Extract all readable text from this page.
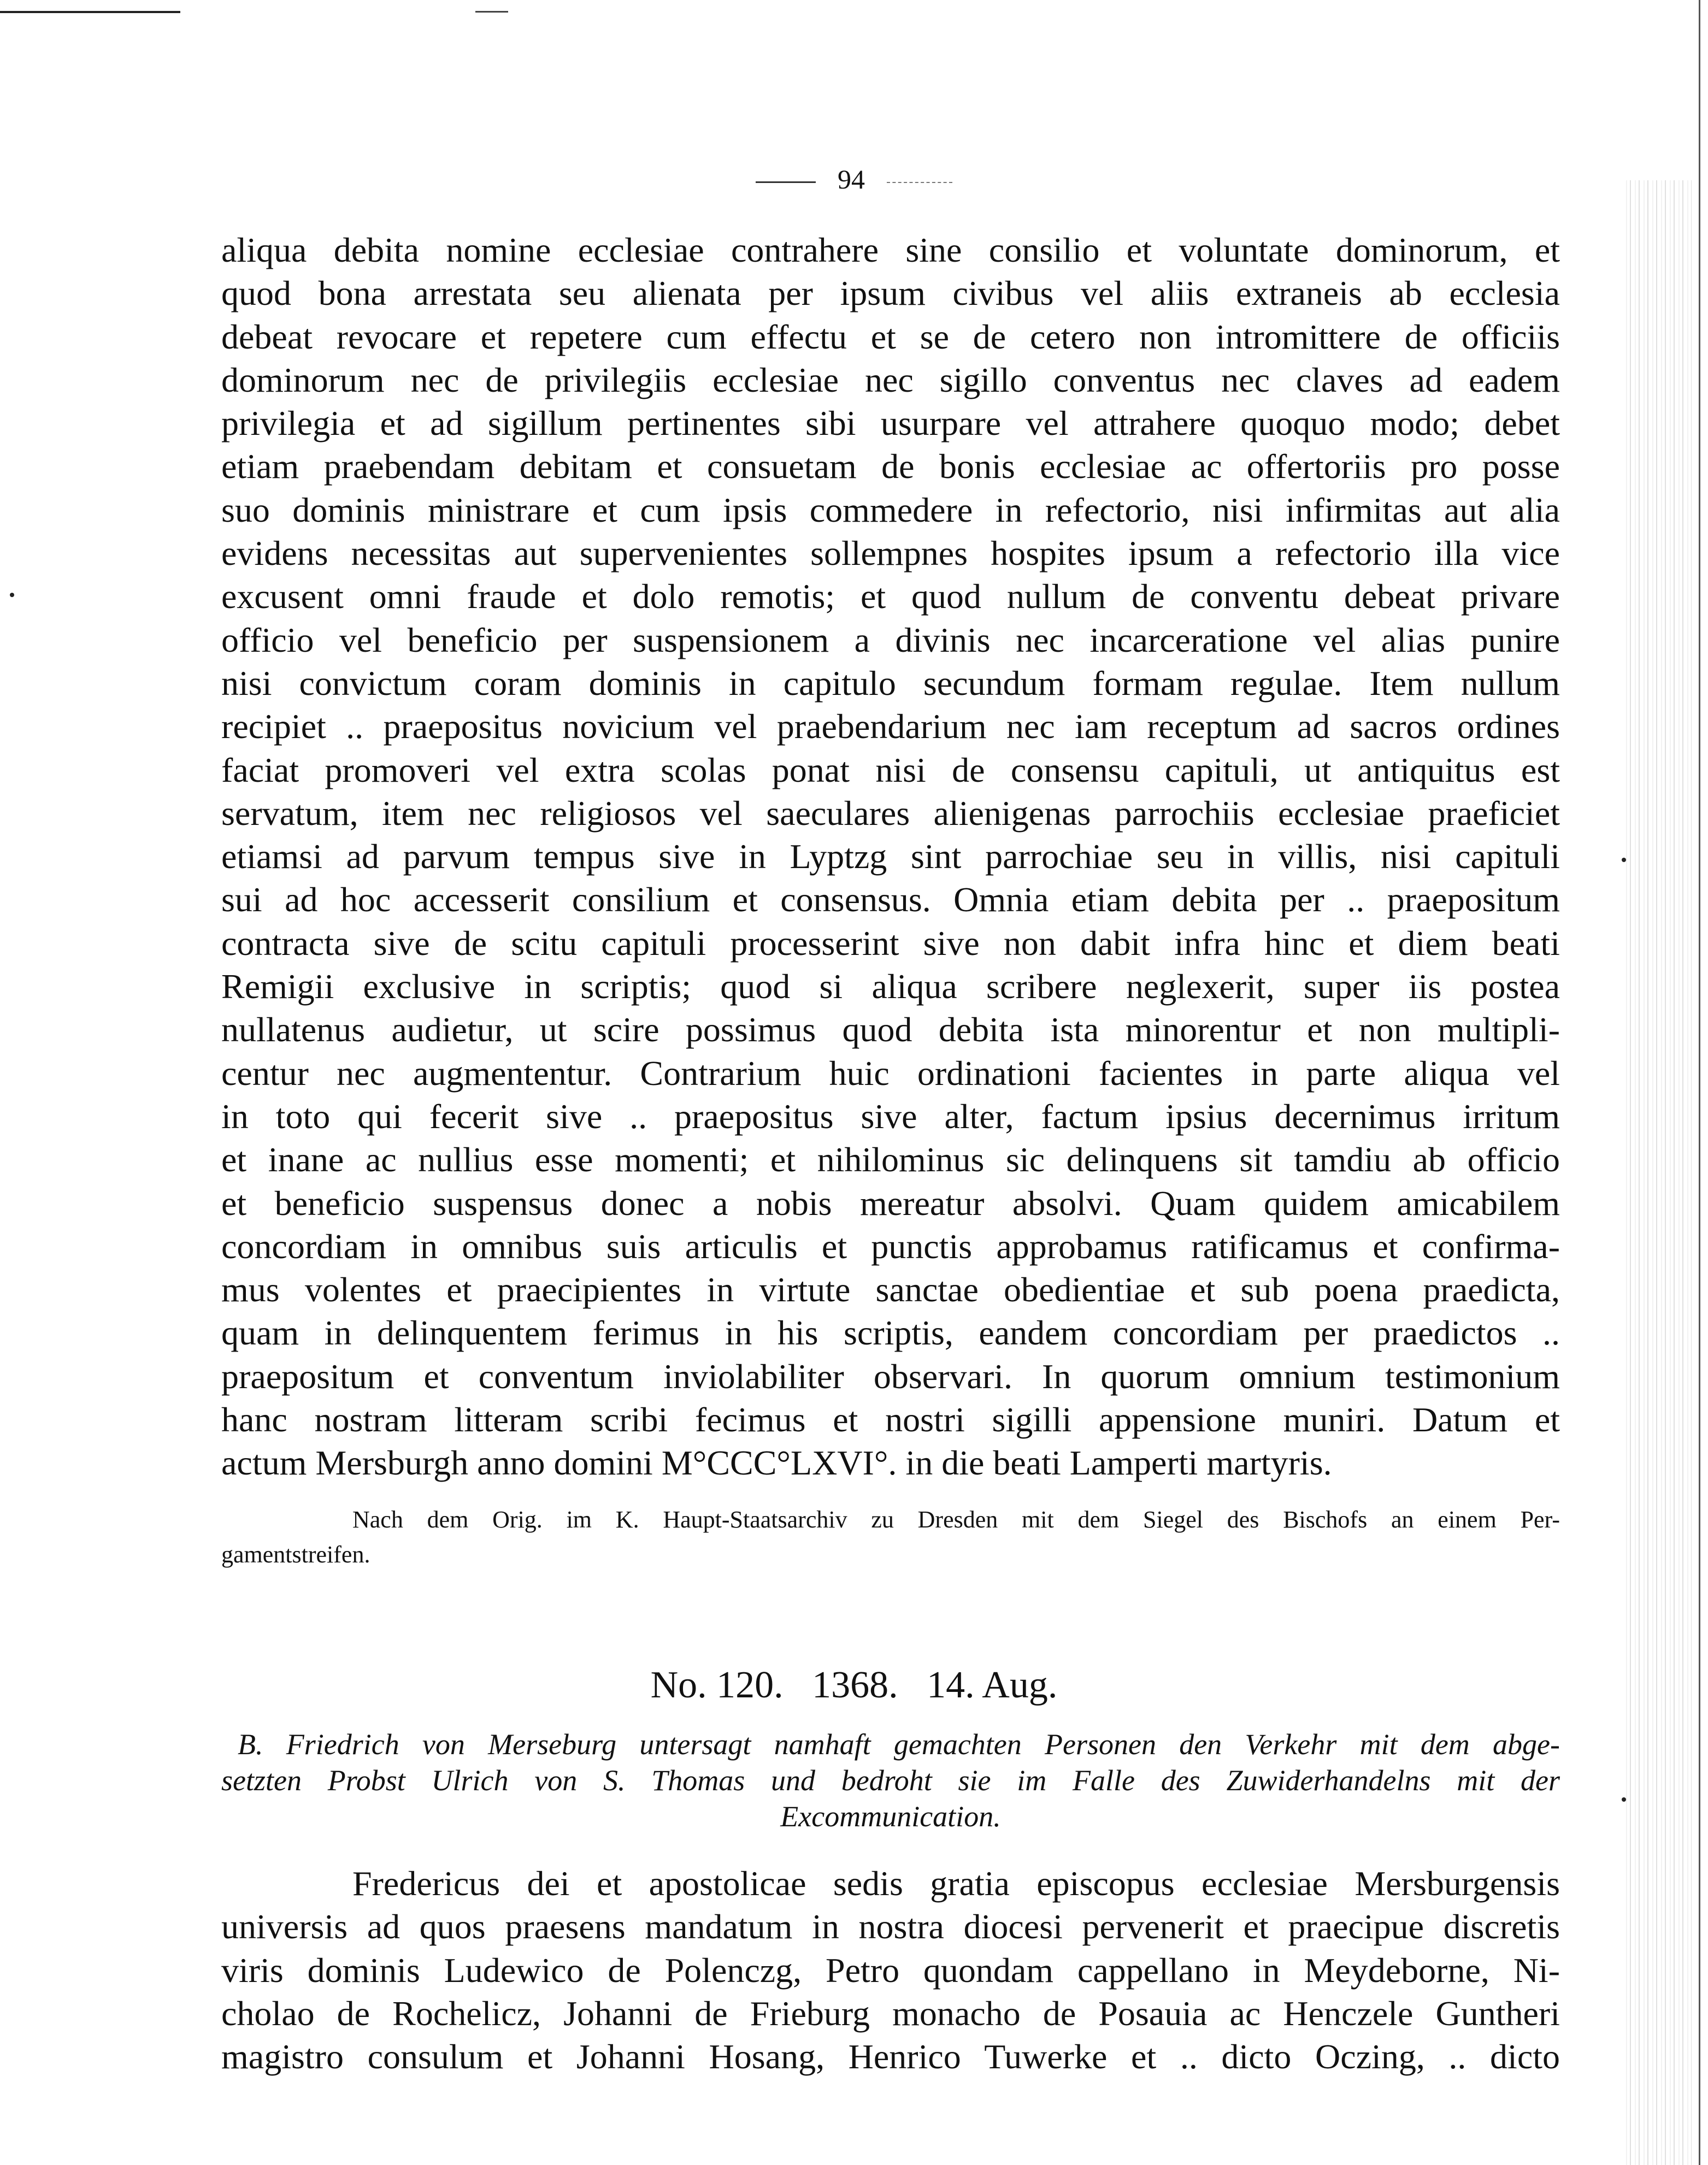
94
aliqua debita nomine ecclesiae contrahere sine consilio et voluntate dominorum, et
quod bona arrestata seu alienata per ipsum civibus vel aliis extraneis ab ecclesia
debeat revocare et repetere cum effectu et se de cetero non intromittere de officiis
dominorum nec de privilegiis ecclesiae nec sigillo conventus nec claves ad eadem
privilegia et ad sigillum pertinentes sibi usurpare vel attrahere quoquo modo; debet
etiam praebendam debitam et consuetam de bonis ecclesiae ac offertoriis pro posse
suo dominis ministrare et cum ipsis commedere in refectorio, nisi infirmitas aut alia
evidens necessitas aut supervenientes sollempnes hospites ipsum a refectorio illa vice
excusent omni fraude et dolo remotis; et quod nullum de conventu debeat privare
officio vel beneficio per suspensionem a divinis nec incarceratione vel alias punire
nisi convictum coram dominis in capitulo secundum formam regulae. Item nullum
recipiet .. praepositus novicium vel praebendarium nec iam receptum ad sacros ordines
faciat promoveri vel extra scolas ponat nisi de consensu capituli, ut antiquitus est
servatum, item nec religiosos vel saeculares alienigenas parrochiis ecclesiae praeficiet
etiamsi ad parvum tempus sive in Lyptzg sint parrochiae seu in villis, nisi capituli
sui ad hoc accesserit consilium et consensus. Omnia etiam debita per .. praepositum
contracta sive de scitu capituli processerint sive non dabit infra hinc et diem beati
Remigii exclusive in scriptis; quod si aliqua scribere neglexerit, super iis postea
nullatenus audietur, ut scire possimus quod debita ista minorentur et non multipli-
centur nec augmententur. Contrarium huic ordinationi facientes in parte aliqua vel
in toto qui fecerit sive .. praepositus sive alter, factum ipsius decernimus irritum
et inane ac nullius esse momenti; et nihilominus sic delinquens sit tamdiu ab officio
et beneficio suspensus donec a nobis mereatur absolvi. Quam quidem amicabilem
concordiam in omnibus suis articulis et punctis approbamus ratificamus et confirma-
mus volentes et praecipientes in virtute sanctae obedientiae et sub poena praedicta,
quam in delinquentem ferimus in his scriptis, eandem concordiam per praedictos ..
praepositum et conventum inviolabiliter observari. In quorum omnium testimonium
hanc nostram litteram scribi fecimus et nostri sigilli appensione muniri. Datum et
actum Mersburgh anno domini M°CCC°LXVI°. in die beati Lamperti martyris.
Nach dem Orig. im K. Haupt-Staatsarchiv zu Dresden mit dem Siegel des Bischofs an einem Per-
gamentstreifen.
No. 120. 1368. 14. Aug.
B. Friedrich von Merseburg untersagt namhaft gemachten Personen den Verkehr mit dem abge-
setzten Probst Ulrich von S. Thomas und bedroht sie im Falle des Zuwiderhandelns mit der
Excommunication.
Fredericus dei et apostolicae sedis gratia episcopus ecclesiae Mersburgensis
universis ad quos praesens mandatum in nostra diocesi pervenerit et praecipue discretis
viris dominis Ludewico de Polenczg, Petro quondam cappellano in Meydeborne, Ni-
cholao de Rochelicz, Johanni de Frieburg monacho de Posauia ac Henczele Guntheri
magistro consulum et Johanni Hosang, Henrico Tuwerke et .. dicto Oczing, .. dicto
